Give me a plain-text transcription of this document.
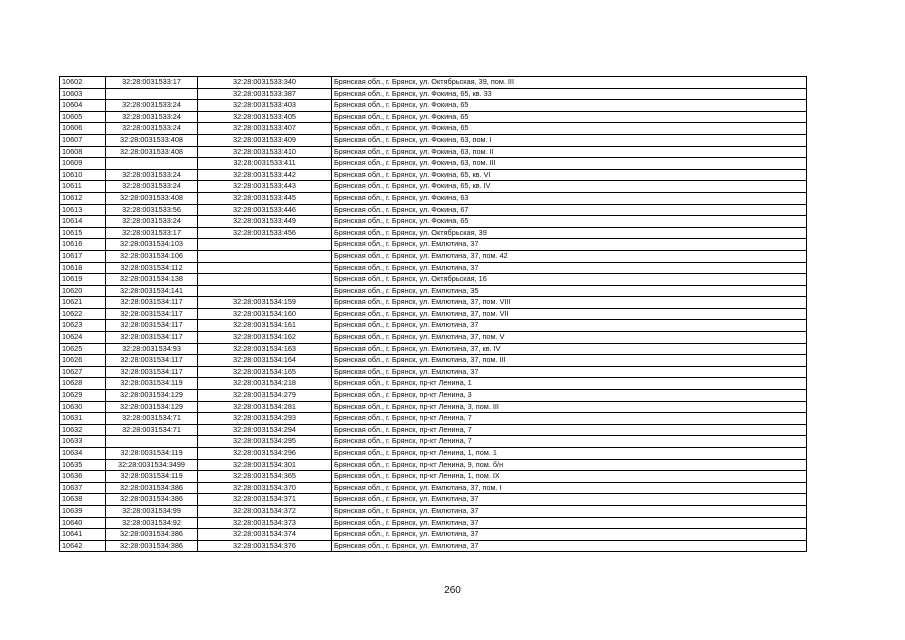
10602	32:28:0031533:17	32:28:0031533:340	Брянская обл., г. Брянск, ул. Октябрьская, 39, пом. III
10603		32:28:0031533:387	Брянская обл., г. Брянск, ул. Фокина, 65, кв. 33
10604	32:28:0031533:24	32:28:0031533:403	Брянская обл., г. Брянск, ул. Фокина, 65
10605	32:28:0031533:24	32:28:0031533:405	Брянская обл., г. Брянск, ул. Фокина, 65
10606	32:28:0031533:24	32:28:0031533:407	Брянская обл., г. Брянск, ул. Фокина, 65
10607	32:28:0031533:408	32:28:0031533:409	Брянская обл., г. Брянск, ул. Фокина, 63, пом. I
10608	32:28:0031533:408	32:28:0031533:410	Брянская обл., г. Брянск, ул. Фокина, 63, пом. II
10609		32:28:0031533:411	Брянская обл., г. Брянск, ул. Фокина, 63, пом. III
10610	32:28:0031533:24	32:28:0031533:442	Брянская обл., г. Брянск, ул. Фокина, 65, кв. VI
10611	32:28:0031533:24	32:28:0031533:443	Брянская обл., г. Брянск, ул. Фокина, 65, кв. IV
10612	32:28:0031533:408	32:28:0031533:445	Брянская обл., г. Брянск, ул. Фокина, 63
10613	32:28:0031533:56	32:28:0031533:446	Брянская обл., г. Брянск, ул. Фокина, 67
10614	32:28:0031533:24	32:28:0031533:449	Брянская обл., г. Брянск, ул. Фокина, 65
10615	32:28:0031533:17	32:28:0031533:456	Брянская обл., г. Брянск, ул. Октябрьская, 39
10616	32:28:0031534:103		Брянская обл., г. Брянск, ул. Емлютина, 37
10617	32:28:0031534:106		Брянская обл., г. Брянск, ул. Емлютина, 37, пом. 42
10618	32:28:0031534:112		Брянская обл., г. Брянск, ул. Емлютина, 37
10619	32:28:0031534:138		Брянская обл., г. Брянск, ул. Октябрьская, 16
10620	32:28:0031534:141		Брянская обл., г. Брянск, ул. Емлютина, 35
10621	32:28:0031534:117	32:28:0031534:159	Брянская обл., г. Брянск, ул. Емлютина, 37, пом. VIII
10622	32:28:0031534:117	32:28:0031534:160	Брянская обл., г. Брянск, ул. Емлютина, 37, пом. VII
10623	32:28:0031534:117	32:28:0031534:161	Брянская обл., г. Брянск, ул. Емлютина, 37
10624	32:28:0031534:117	32:28:0031534:162	Брянская обл., г. Брянск, ул. Емлютина, 37, пом. V
10625	32:28:0031534:93	32:28:0031534:163	Брянская обл., г. Брянск, ул. Емлютина, 37, кв. IV
10626	32:28:0031534:117	32:28:0031534:164	Брянская обл., г. Брянск, ул. Емлютина, 37, пом. III
10627	32:28:0031534:117	32:28:0031534:165	Брянская обл., г. Брянск, ул. Емлютина, 37
10628	32:28:0031534:119	32:28:0031534:218	Брянская обл., г. Брянск, пр-кт Ленина, 1
10629	32:28:0031534:129	32:28:0031534:279	Брянская обл., г. Брянск, пр-кт Ленина, 3
10630	32:28:0031534:129	32:28:0031534:281	Брянская обл., г. Брянск, пр-кт Ленина, 3, пом. III
10631	32:28:0031534:71	32:28:0031534:293	Брянская обл., г. Брянск, пр-кт Ленина, 7
10632	32:28:0031534:71	32:28:0031534:294	Брянская обл., г. Брянск, пр-кт Ленина, 7
10633		32:28:0031534:295	Брянская обл., г. Брянск, пр-кт Ленина, 7
10634	32:28:0031534:119	32:28:0031534:296	Брянская обл., г. Брянск, пр-кт Ленина, 1, пом. 1
10635	32:28:0031534:3499	32:28:0031534:301	Брянская обл., г. Брянск, пр-кт Ленина, 9, пом. б/н
10636	32:28:0031534:119	32:28:0031534:365	Брянская обл., г. Брянск, пр-кт Ленина, 1, пом. IX
10637	32:28:0031534:386	32:28:0031534:370	Брянская обл., г. Брянск, ул. Емлютина, 37, пом. I
10638	32:28:0031534:386	32:28:0031534:371	Брянская обл., г. Брянск, ул. Емлютина, 37
10639	32:28:0031534:99	32:28:0031534:372	Брянская обл., г. Брянск, ул. Емлютина, 37
10640	32:28:0031534:92	32:28:0031534:373	Брянская обл., г. Брянск, ул. Емлютина, 37
10641	32:28:0031534:386	32:28:0031534:374	Брянская обл., г. Брянск, ул. Емлютина, 37
10642	32:28:0031534:386	32:28:0031534:376	Брянская обл., г. Брянск, ул. Емлютина, 37
260
